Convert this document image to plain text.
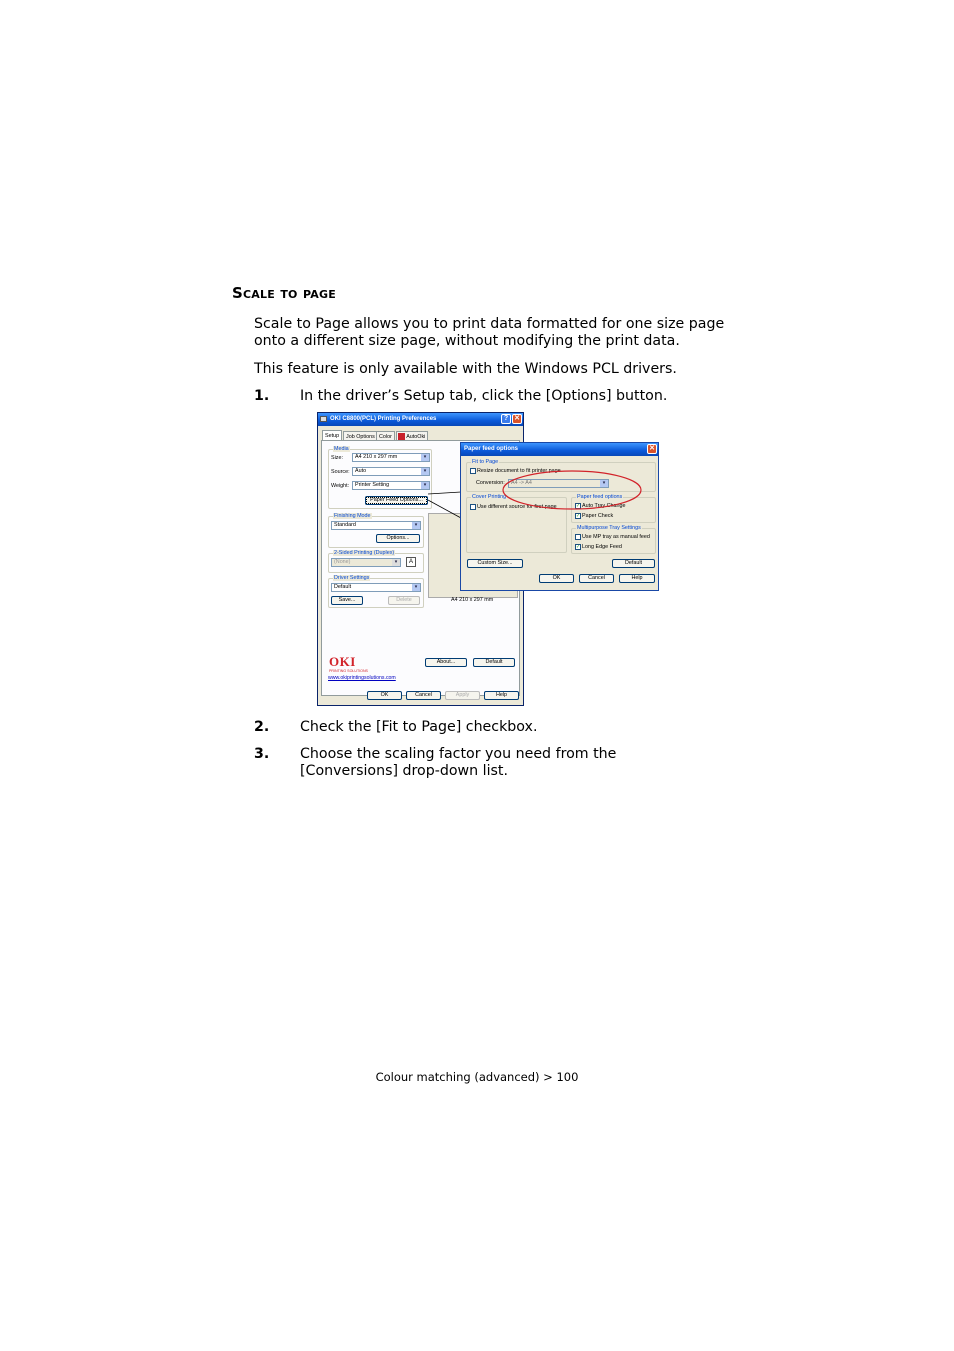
Scale to page
Scale to Page allows you to print data formatted for one size page onto a different size page, without modifying the print data.
This feature is only available with the Windows PCL drivers.
1. In the driver’s Setup tab, click the [Options] button.
OKI C8800(PCL) Printing Preferences	? ✕
Setup	Job Options Color	AutoOki
Media
Size:	A4 210 x 297 mm	▾
Source:	Auto	▾
Weight:	Printer Setting	▾
Paper Feed Options...
Finishing Mode
Standard	▾
Options...
2-Sided Printing (Duplex)
(None)	▾	A
Driver Settings
Default	▾
Save...	Delete	A4 210 x 297 mm
About...	Default
OKI
PRINTING SOLUTIONS
www.okiprintingsolutions.com
OK	Cancel	Apply	Help
Paper feed options	✕
Fit to Page
Resize document to fit printer page
Conversion:	A4 -> A4	▾
Cover Printing
Use different source for first page
Paper feed options
✓ Auto Tray Change
✓ Paper Check
Multipurpose Tray Settings
Use MP tray as manual feed
✓ Long Edge Feed
Custom Size...	Default
OK	Cancel	Help
2. Check the [Fit to Page] checkbox.
3. Choose the scaling factor you need from the [Conversions] drop-down list.
Colour matching (advanced) > 100
